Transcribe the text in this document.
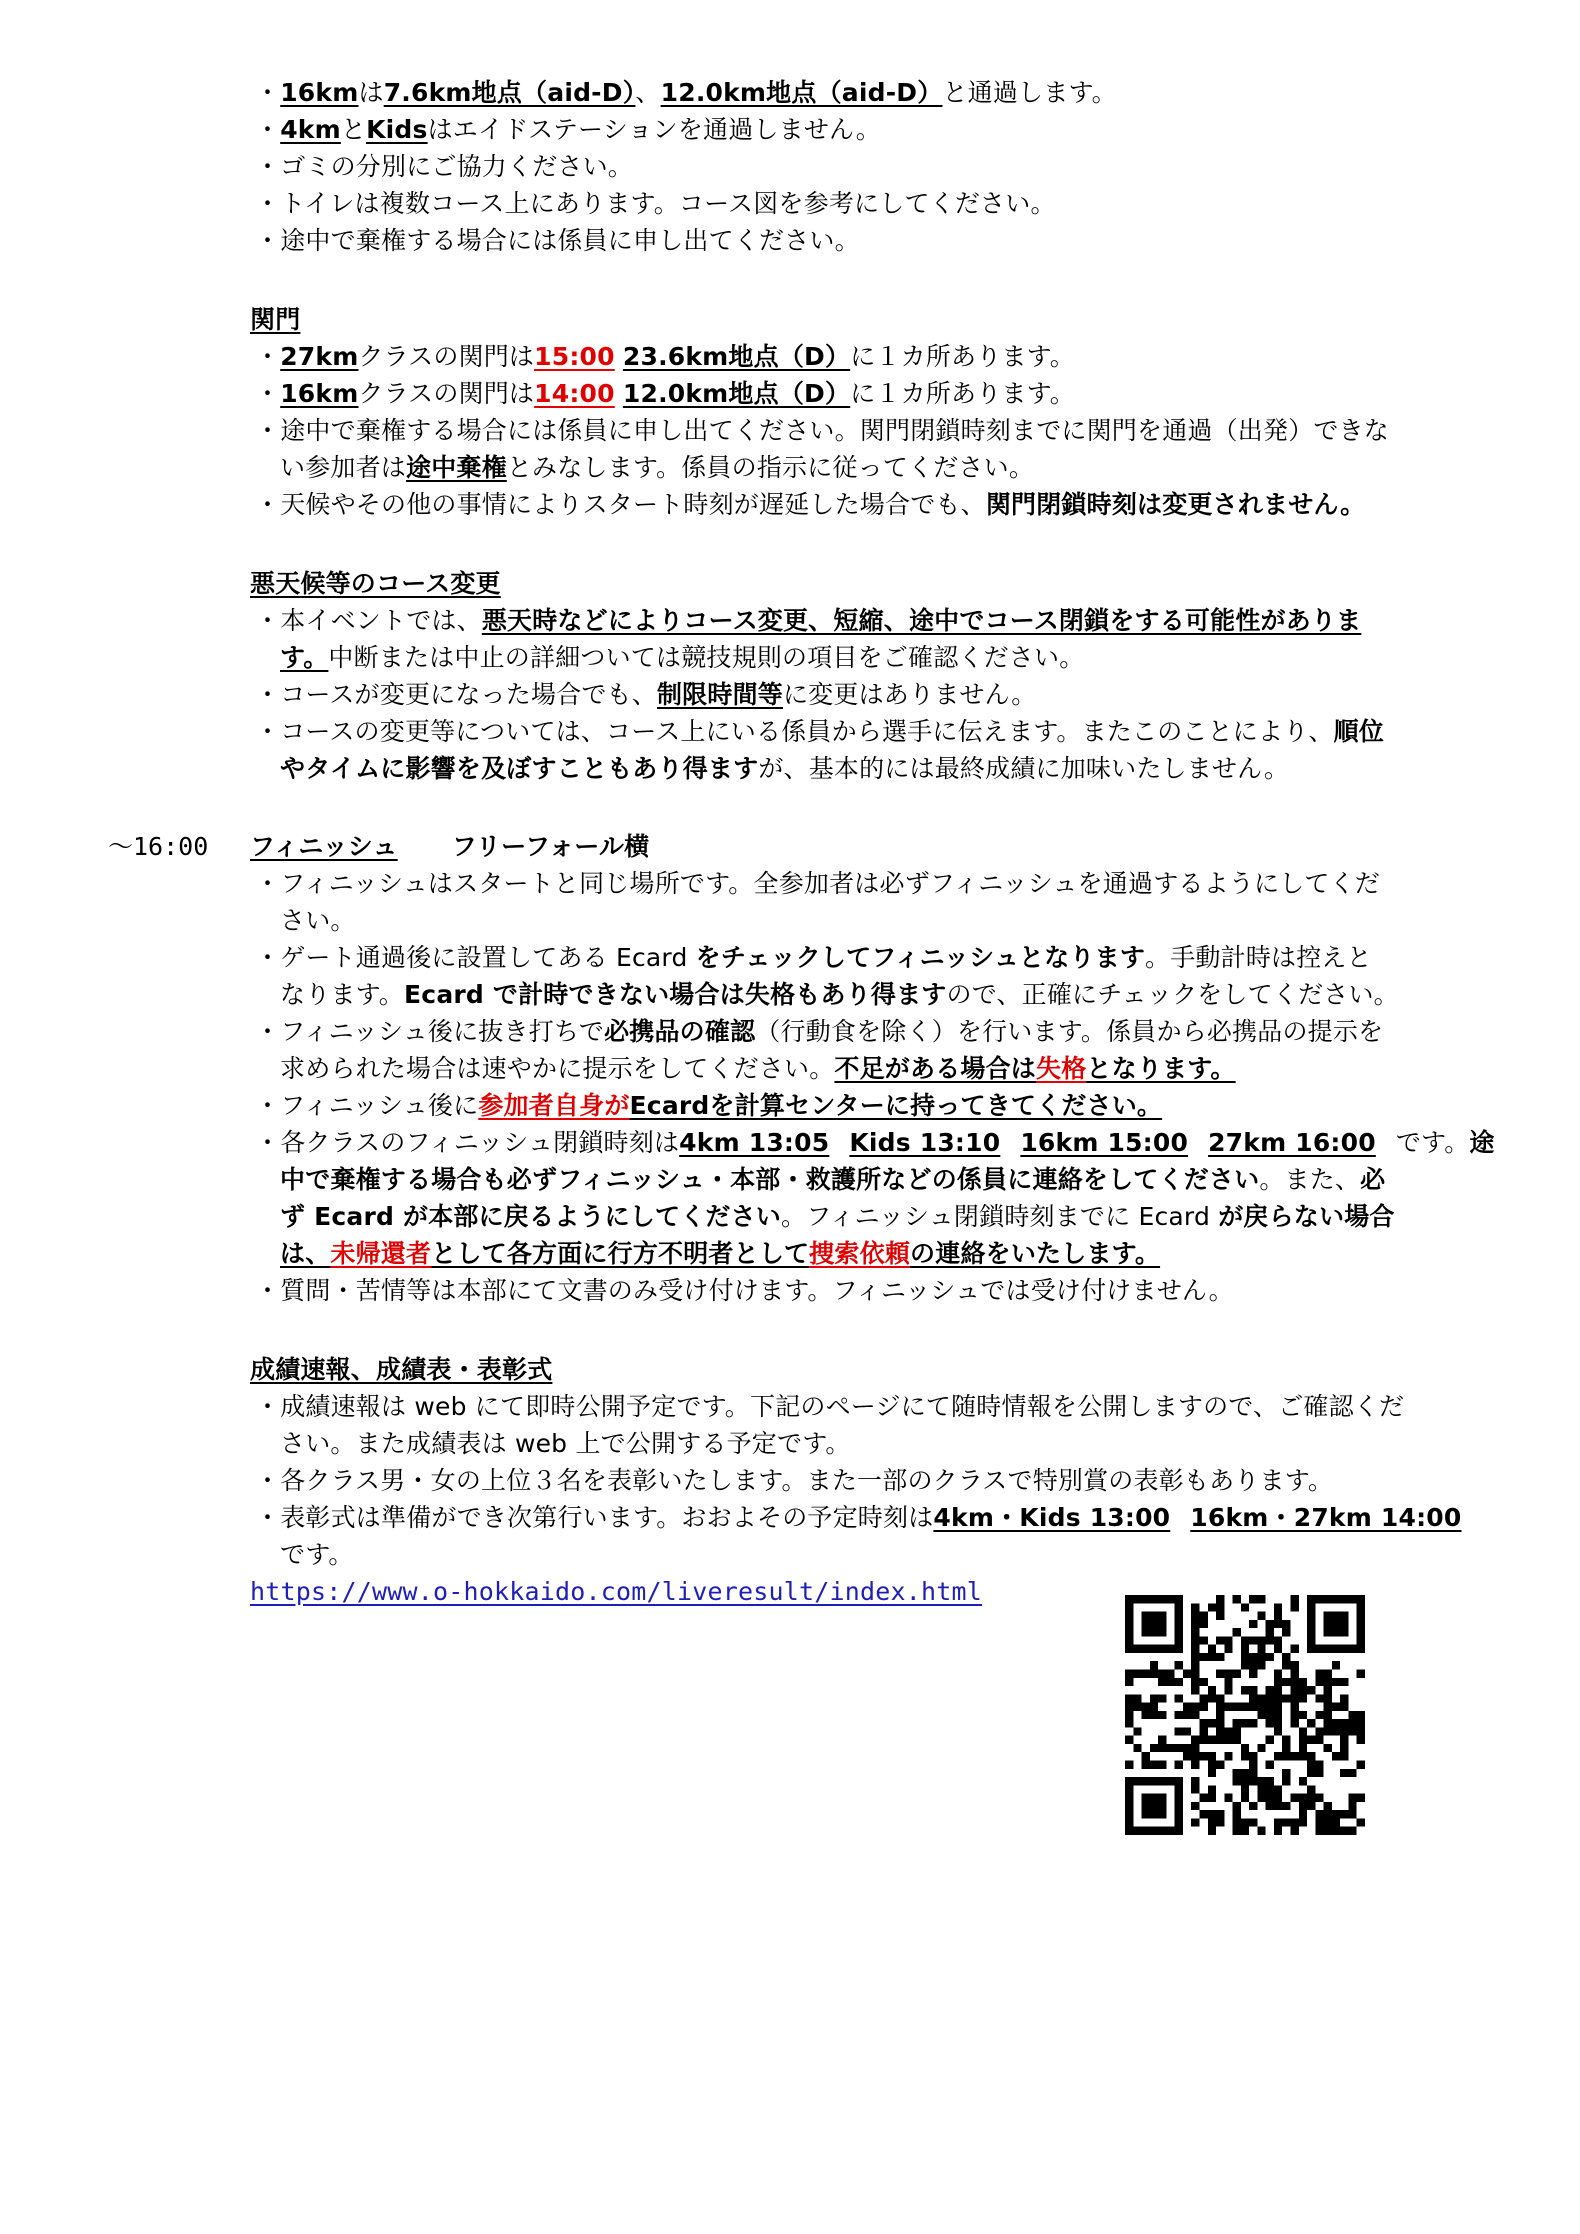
・16kmは7.6km地点（aid-D）、12.0km地点（aid-D）と通過します。
・4kmとKidsはエイドステーションを通過しません。
・ゴミの分別にご協力ください。
・トイレは複数コース上にあります。コース図を参考にしてください。
・途中で棄権する場合には係員に申し出てください。
関門
・27kmクラスの関門は15:00 23.6km地点（D）に１カ所あります。
・16kmクラスの関門は14:00 12.0km地点（D）に１カ所あります。
・途中で棄権する場合には係員に申し出てください。関門閉鎖時刻までに関門を通過（出発）できな
い参加者は途中棄権とみなします。係員の指示に従ってください。
・天候やその他の事情によりスタート時刻が遅延した場合でも、関門閉鎖時刻は変更されません。
悪天候等のコース変更
・本イベントでは、悪天時などによりコース変更、短縮、途中でコース閉鎖をする可能性がありま
す。中断または中止の詳細ついては競技規則の項目をご確認ください。
・コースが変更になった場合でも、制限時間等に変更はありません。
・コースの変更等については、コース上にいる係員から選手に伝えます。またこのことにより、順位
やタイムに影響を及ぼすこともあり得ますが、基本的には最終成績に加味いたしません。
～16:00 フィニッシュ フリーフォール横
・フィニッシュはスタートと同じ場所です。全参加者は必ずフィニッシュを通過するようにしてくだ
さい。
・ゲート通過後に設置してある Ecard をチェックしてフィニッシュとなります。手動計時は控えと
なります。Ecard で計時できない場合は失格もあり得ますので、正確にチェックをしてください。
・フィニッシュ後に抜き打ちで必携品の確認（行動食を除く）を行います。係員から必携品の提示を
求められた場合は速やかに提示をしてください。不足がある場合は失格となります。
・フィニッシュ後に参加者自身がEcardを計算センターに持ってきてください。
・各クラスのフィニッシュ閉鎖時刻は4km 13:05 Kids 13:10 16km 15:00 27km 16:00 です。途
中で棄権する場合も必ずフィニッシュ・本部・救護所などの係員に連絡をしてください。また、必
ず Ecard が本部に戻るようにしてください。フィニッシュ閉鎖時刻までに Ecard が戻らない場合
は、未帰還者として各方面に行方不明者として捜索依頼の連絡をいたします。
・質問・苦情等は本部にて文書のみ受け付けます。フィニッシュでは受け付けません。
成績速報、成績表・表彰式
・成績速報は web にて即時公開予定です。下記のページにて随時情報を公開しますので、ご確認くだ
さい。また成績表は web 上で公開する予定です。
・各クラス男・女の上位３名を表彰いたします。また一部のクラスで特別賞の表彰もあります。
・表彰式は準備ができ次第行います。おおよその予定時刻は4km・Kids 13:00 16km・27km 14:00
です。
https://www.o-hokkaido.com/liveresult/index.html
